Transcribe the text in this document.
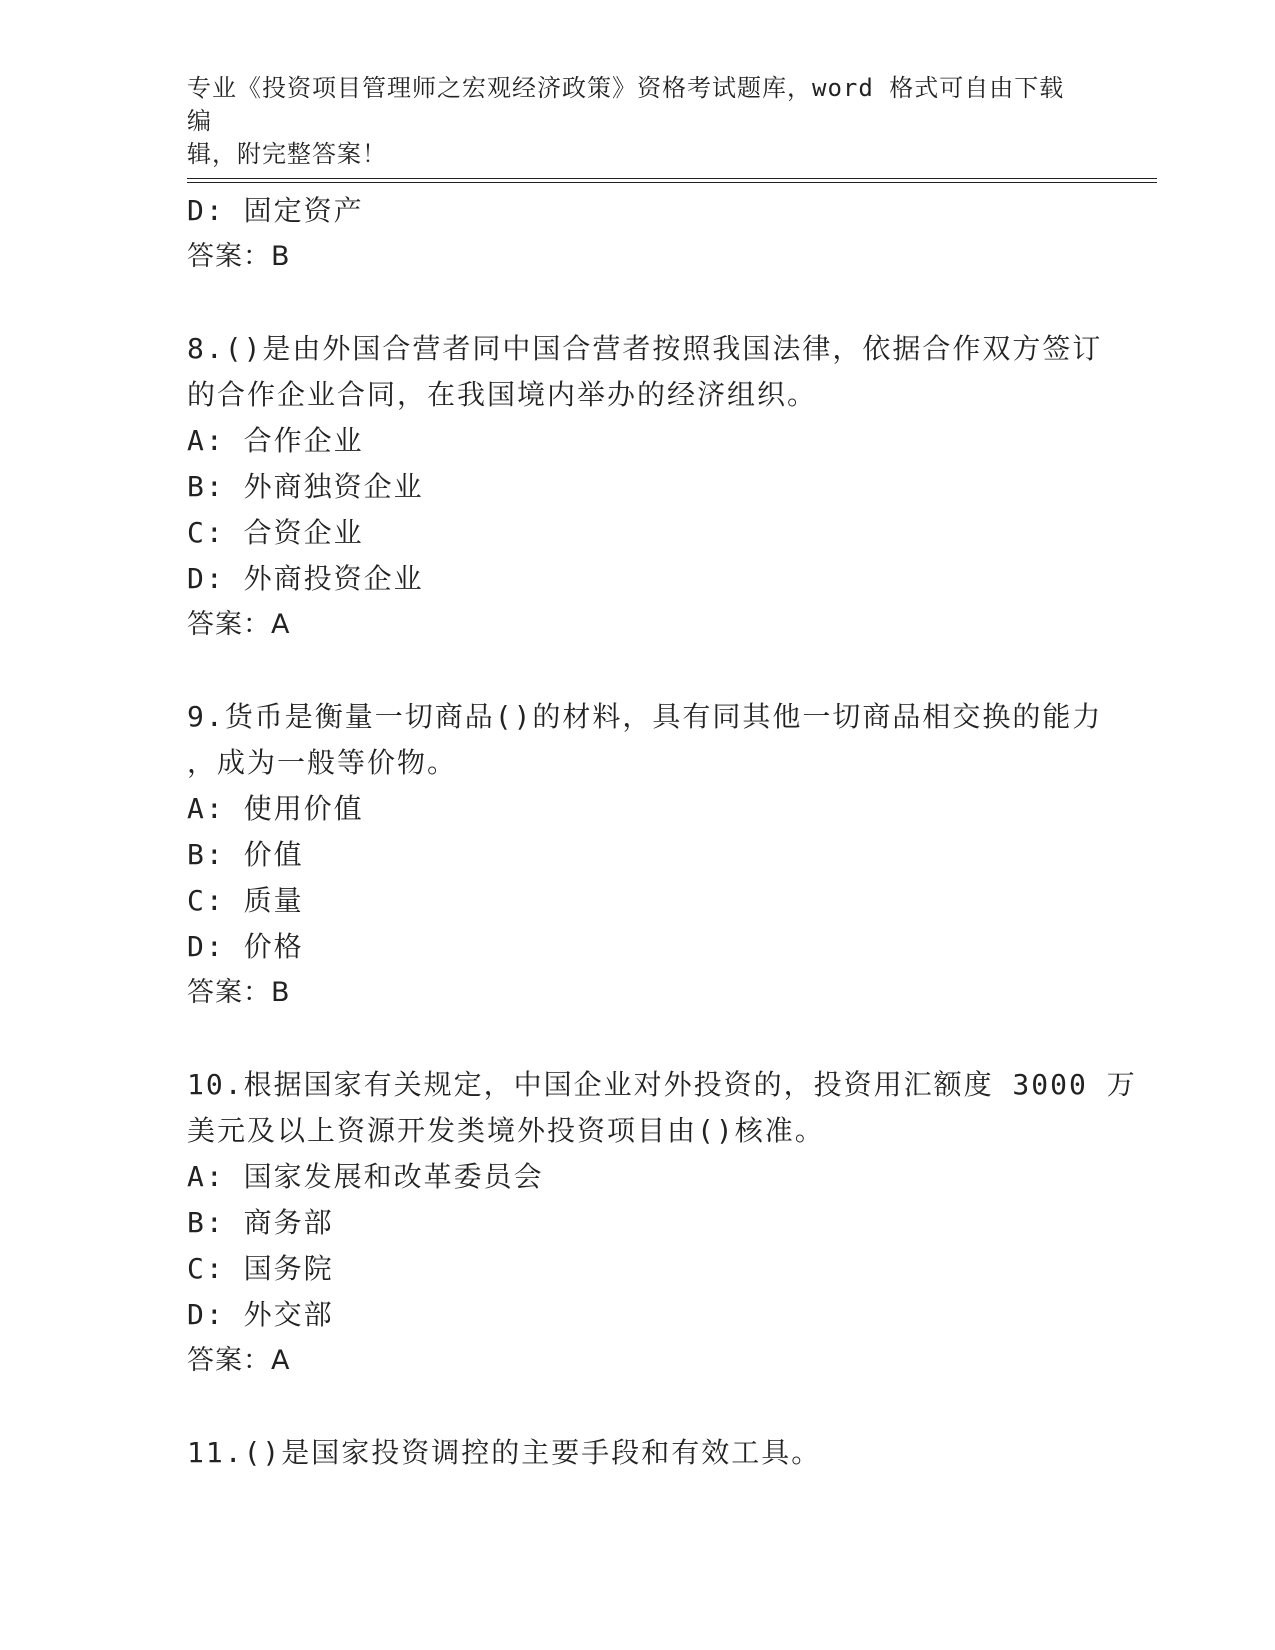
专业《投资项目管理师之宏观经济政策》资格考试题库，word 格式可自由下载编
辑，附完整答案！
D: 固定资产
答案：B
8.()是由外国合营者同中国合营者按照我国法律，依据合作双方签订
的合作企业合同，在我国境内举办的经济组织。
A: 合作企业
B: 外商独资企业
C: 合资企业
D: 外商投资企业
答案：A
9.货币是衡量一切商品()的材料，具有同其他一切商品相交换的能力
，成为一般等价物。
A: 使用价值
B: 价值
C: 质量
D: 价格
答案：B
10.根据国家有关规定，中国企业对外投资的，投资用汇额度 3000 万
美元及以上资源开发类境外投资项目由()核准。
A: 国家发展和改革委员会
B: 商务部
C: 国务院
D: 外交部
答案：A
11.()是国家投资调控的主要手段和有效工具。
